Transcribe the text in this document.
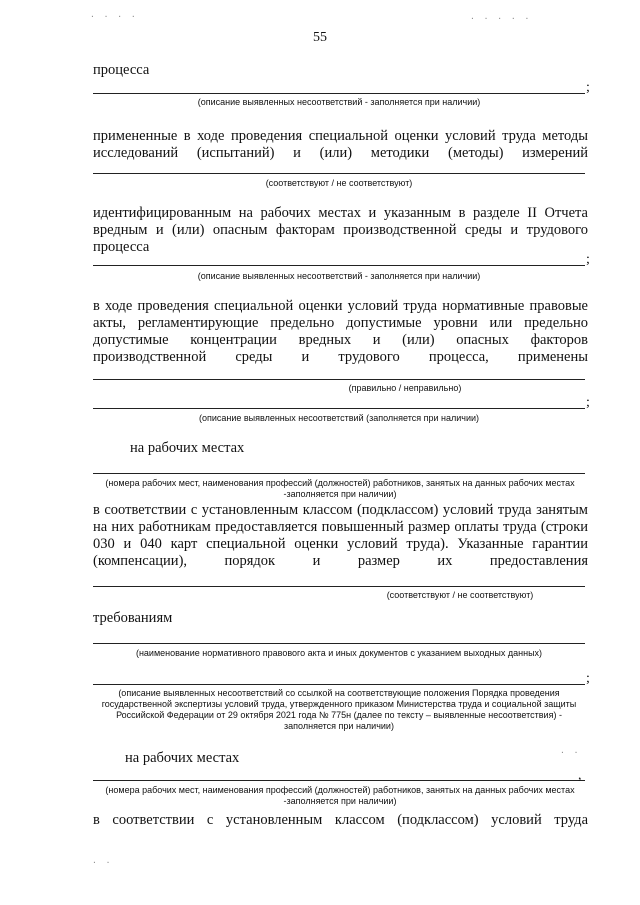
· · · ·	· · · · ·
55
процесса
;
(описание выявленных несоответствий - заполняется при наличии)
примененные в ходе проведения специальной оценки условий труда методы исследований (испытаний) и (или) методики (методы) измерений
(соответствуют / не соответствуют)
идентифицированным на рабочих местах и указанным в разделе II Отчета вредным и (или) опасным факторам производственной среды и трудового процесса
;
(описание выявленных несоответствий - заполняется при наличии)
в ходе проведения специальной оценки условий труда нормативные правовые акты, регламентирующие предельно допустимые уровни или предельно допустимые концентрации вредных и (или) опасных факторов производственной среды и трудового процесса, применены
(правильно / неправильно)
;
(описание выявленных несоответствий (заполняется при наличии)
на рабочих местах
(номера рабочих мест, наименования профессий (должностей) работников, занятых на данных рабочих местах -заполняется при наличии)
в соответствии с установленным классом (подклассом) условий труда занятым на них работникам предоставляется повышенный размер оплаты труда (строки 030 и 040 карт специальной оценки условий труда). Указанные гарантии (компенсации), порядок и размер их предоставления
(соответствуют / не соответствуют)
требованиям
(наименование нормативного правового акта и иных документов с указанием выходных данных)
;
(описание выявленных несоответствий со ссылкой на соответствующие положения Порядка проведения государственной экспертизы условий труда, утвержденного приказом Министерства труда и социальной защиты Российской Федерации от 29 октября 2021 года № 775н (далее по тексту – выявленные несоответствия) - заполняется при наличии)
на рабочих местах
,
(номера рабочих мест, наименования профессий (должностей) работников, занятых на данных рабочих местах -заполняется при наличии)
в соответствии с установленным классом (подклассом) условий труда
· ·
· ·
